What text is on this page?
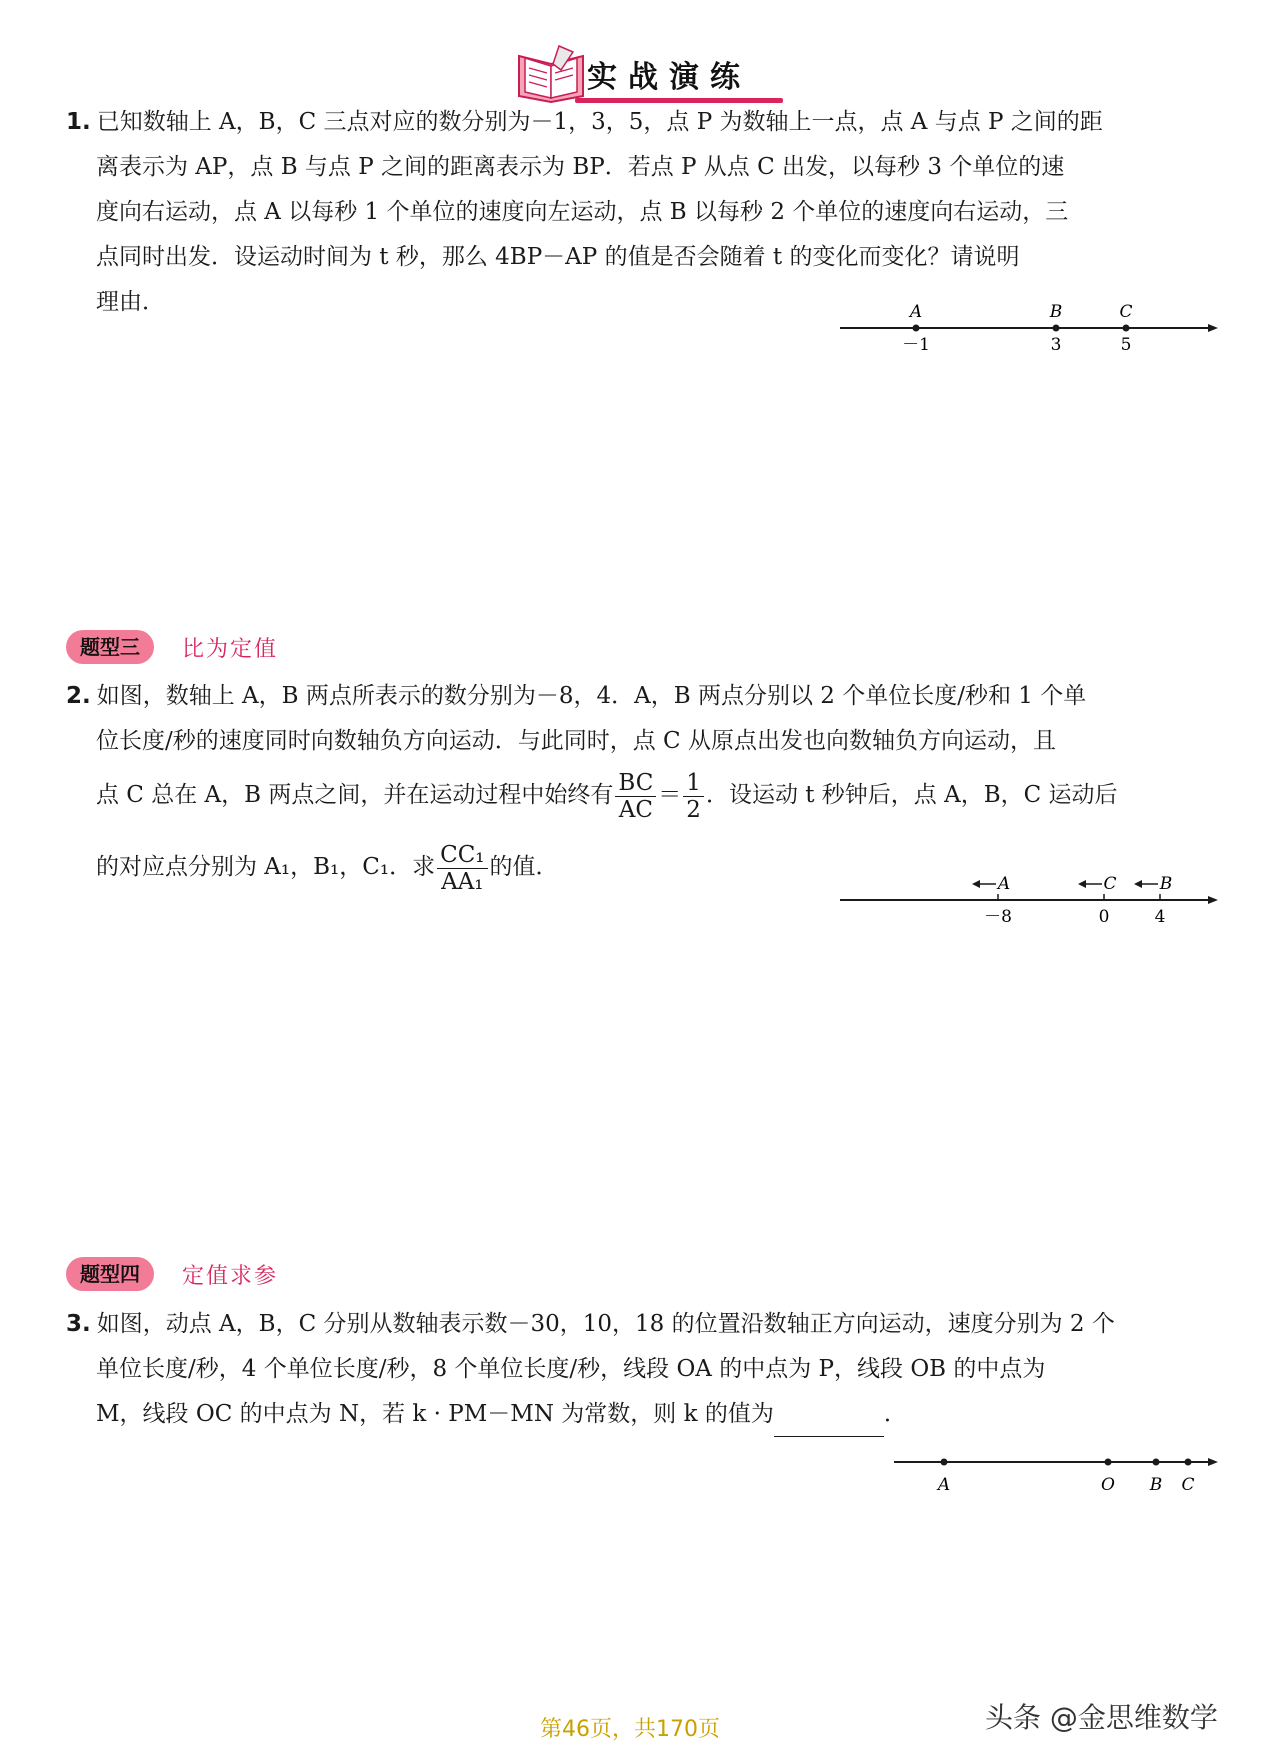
实战演练
1. 已知数轴上 A，B，C 三点对应的数分别为－1，3，5，点 P 为数轴上一点，点 A 与点 P 之间的距
离表示为 AP，点 B 与点 P 之间的距离表示为 BP．若点 P 从点 C 出发，以每秒 3 个单位的速
度向右运动，点 A 以每秒 1 个单位的速度向左运动，点 B 以每秒 2 个单位的速度向右运动，三
点同时出发．设运动时间为 t 秒，那么 4BP－AP 的值是否会随着 t 的变化而变化？请说明
理由．	A	B	C
－1	3	5
题型三 比为定值
2. 如图，数轴上 A，B 两点所表示的数分别为－8，4．A，B 两点分别以 2 个单位长度/秒和 1 个单
位长度/秒的速度同时向数轴负方向运动．与此同时，点 C 从原点出发也向数轴负方向运动，且
点 C 总在 A，B 两点之间，并在运动过程中始终有 $\frac{BC}{AC} = \frac{1}{2}$ ．设运动 t 秒钟后，点 A，B，C 运动后
的对应点分别为 A₁，B₁，C₁．求 $\frac{\text{CC₁}}{\text{AA₁}}$ 的值．
A	C	B
－8	0	4
题型四 定值求参
3. 如图，动点 A，B，C 分别从数轴表示数－30，10，18 的位置沿数轴正方向运动，速度分别为 2 个
单位长度/秒，4 个单位长度/秒，8 个单位长度/秒，线段 OA 的中点为 P，线段 OB 的中点为
M，线段 OC 的中点为 N，若 k · PM－MN 为常数，则 k 的值为	．
A	O B C
头条 @金思维数学
第46页，共170页
